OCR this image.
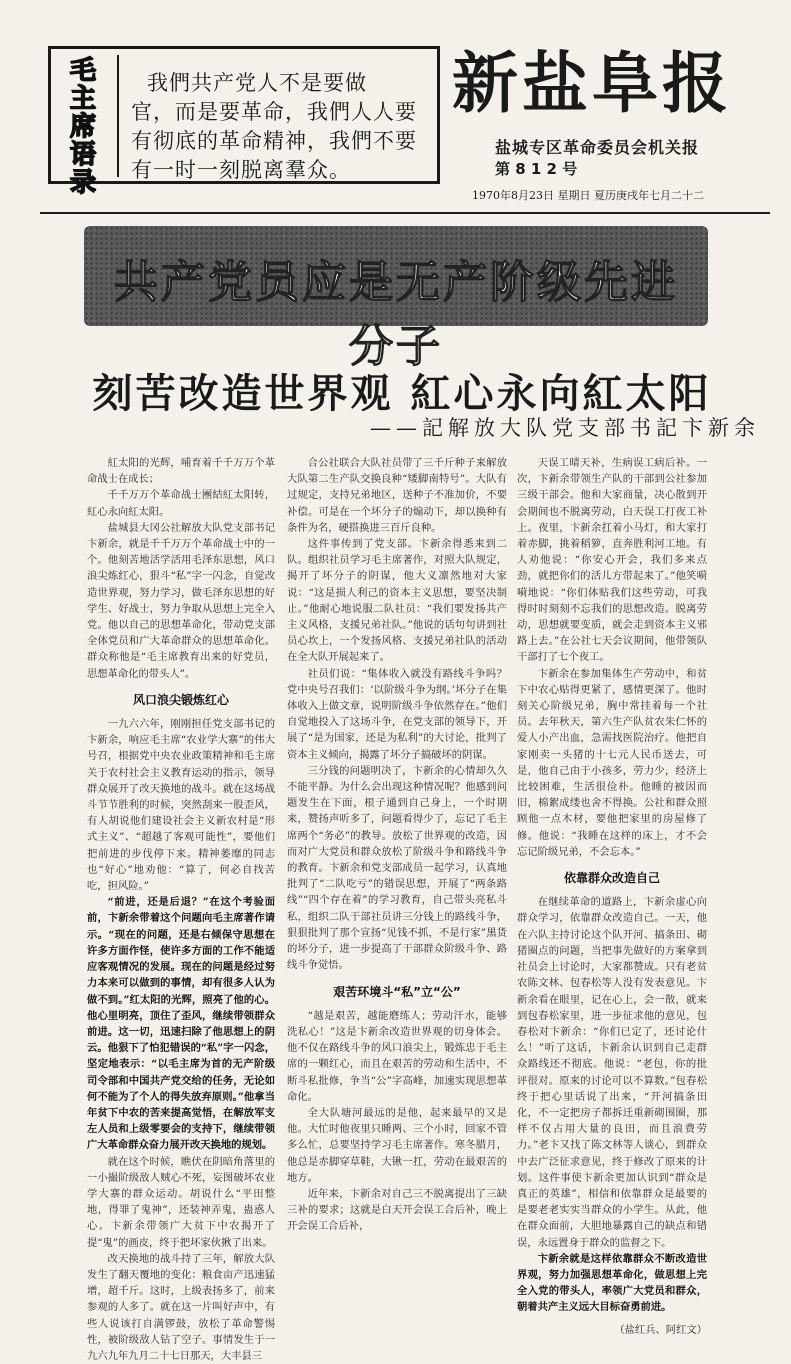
毛
主
席
语
录
我們共产党人不是要做
官，而是要革命，我們人人要
有彻底的革命精神，我們不要
有一时一刻脱离羣众。
新盐阜报
盐城专区革命委员会机关报
第 8 1 2 号
1970年8月23日 星期日 夏历庚戌年七月二十二
共产党员应是无产阶级先进分子
刻苦改造世界观 紅心永向紅太阳
——記解放大队党支部书記卞新余

紅太阳的光辉，哺育着千千万万个革命战士在成长；

千千万万个革命战士團結紅太阳转，紅心永向紅太阳。

盐城县大冈公社解放大队党支部书记卞新余，就是千千万万个革命战士中的一个。他刻苦地活学活用毛泽东思想，风口浪尖炼红心，狠斗“私”字一闪念，自觉改造世界观，努力学习，做毛泽东思想的好学生、好战士，努力争取从思想上完全入党。他以自己的思想革命化，带动党支部全体党员和广大革命群众的思想革命化。群众称他是“毛主席教育出来的好党员，思想革命化的带头人”。

风口浪尖锻炼红心

一九六六年，刚刚担任党支部书记的卞新余，响应毛主席“农业学大寨”的伟大号召，根据党中央农业政策精神和毛主席关于农村社会主义教育运动的指示，领导群众展开了改天换地的战斗。就在这场战斗节节胜利的时候，突然刮来一股歪风，有人胡说他们建设社会主义新农村是“形式主义”、“超越了客观可能性”，要他们把前进的步伐停下来。精神萎靡的同志也“好心”地劝他：“算了，何必自找苦吃，担风险。”

“前进，还是后退？”在这个考验面前，卞新余带着这个问题向毛主席著作请示。“现在的问题，还是右倾保守思想在许多方面作怪，使许多方面的工作不能适应客观情况的发展。现在的问题是经过努力本来可以做到的事情，却有很多人认为做不到。”红太阳的光辉，照亮了他的心。他心里明亮，顶住了歪风，继续带领群众前进。这一切，迅速扫除了他思想上的阴云。他狠下了怕犯错误的“私”字一闪念，坚定地表示：“以毛主席为首的无产阶级司令部和中国共产党交给的任务，无论如何不能为了个人的得失放弃原则。”他拿当年贫下中农的苦来提高觉悟，在解放军支左人员和上级零要会的支持下，继续带领广大革命群众奋力展开改天换地的规划。

就在这个时候，瞧伏在阴暗角落里的一小撮阶级敌人贼心不死，妄图破坏农业学大寨的群众运动。胡说什么“平田整地，得罪了鬼神”，还装神弄鬼，蛊惑人心。卞新余带领广大贫下中农揭开了提“鬼”的画皮，终于把坏家伙揪了出来。

改天换地的战斗持了三年，解放大队发生了翻天覆地的变化：粮食亩产迅速猛增，超千斤。这时，上级表扬多了，前来参观的人多了。就在这一片叫好声中，有些人说该打自满锣鼓，放松了革命警惕性，被阶级敌人钻了空子。事情发生于一九六九年九月二十七日那天，大丰县三

合公社联合大队社员带了三千斤种子来解放大队第二生产队交换良种“矮脚南特号”。大队有过规定，支持兄弟地区，送种子不准加价，不要补偿。可是在一个坏分子的煽动下，却以换种有条件为名，硬搭换进三百斤良种。

这件事传到了党支部。卞新余得悉来到二队。组织社员学习毛主席著作，对照大队规定，揭开了坏分子的阴谋，他大义凛然地对大家说：“这是损人利己的资本主义思想，要坚决制止。”他耐心地说服二队社员：“我们要发扬共产主义风格，支援兄弟社队。”他说的话句句讲到社员心坎上，一个发扬风格、支援兄弟社队的活动在全大队开展起来了。

社员们说：“集体收入就没有路线斗争吗？党中央号召我们：‘以阶级斗争为纲。’坏分子在集体收入上做文章，说明阶级斗争依然存在。”他们自觉地投入了这场斗争，在党支部的领导下，开展了“是为国家，还是为私利”的大讨论，批判了资本主义倾向，揭露了坏分子搞破坏的阴谋。

三分钱的问题明决了，卞新余的心情却久久不能平静。为什么会出现这种情况呢？他感到问题发生在下面，根子通到自己身上，一个时期来，赞扬声听多了，问题看得少了，忘记了毛主席两个“务必”的教导。放松了世界观的改造，因而对广大党员和群众放松了阶级斗争和路线斗争的教育。卞新余和党支部成员一起学习，认真地批判了“二队吃亏”的错误思想，开展了“两条路线”“四个存在着”的学习教育，自己带头亮私斗私，组织二队干部社员讲三分钱上的路线斗争，狠狠批判了那个宣扬“见钱不抓，不是行家”黑货的坏分子，进一步提高了干部群众阶级斗争、路线斗争觉悟。

艰苦环境斗“私”立“公”

“越是艰苦，越能磨练人；劳动汗水，能够洗私心！”这是卞新余改造世界观的切身体会。他不仅在路线斗争的风口浪尖上，锻炼忠于毛主席的一颗红心，而且在艰苦的劳动和生活中，不断斗私批修，争当“公”字高峰，加速实现思想革命化。

全大队塘河最远的是他，起来最早的又是他。大忙时他夜里只睡两、三个小时，回家不管多么忙，总要坚持学习毛主席著作。寒冬腊月，他总是赤脚穿草鞋，大锹一扛，劳动在最艰苦的地方。

近年来，卞新余对自己三不脱离提出了三缺三补的要求；这就是白天开会误工合后补，晚上开会误工合后补，

天误工晴天补，生病误工病后补。一次，卞新余带领生产队的干部到公社参加三级干部会。他和大家商量，决心散到开会期间也不脱离劳动，白天误工打夜工补上。夜里，卞新余扛着小马灯，和大家打着赤脚，挑着稻箩，直奔胜利河工地。有人劝他说：“你安心开会，我们多来点劲，就把你们的活儿方带起来了。”他笑嗬嗬地说：“你们体贴我们这些劳动，可我得时时刻刻不忘我们的思想改造。脱离劳动，思想就要变质，就会走到资本主义邪路上去。”在公社七天会议期间，他带领队干部打了七个夜工。

卞新余在参加集体生产劳动中，和贫下中农心贴得更紧了，感情更深了。他时刻关心阶级兄弟，胸中常挂着每一个社员。去年秋天，第六生产队贫农朱仁怀的爱人小产出血，急需找医院治疗。他把自家刚卖一头猪的十七元人民币送去，可是，他自己由于小孩多，劳力少，经济上比较困难，生活很俭朴。他睡的被因而旧，棉絮成缕也舍不得换。公社和群众照顾他一点木材，要他把家里的房屋修了修。他说：“我睡在这样的床上，才不会忘记阶级兄弟，不会忘本。”

依靠群众改造自己

在继续革命的道路上，卞新余虚心向群众学习，依靠群众改造自己。一天，他在六队主持讨论这个队开河、搞条田、砌猪圈点的问题，当把事先做好的方案拿到社员会上讨论时，大家都赞成。只有老贫农陈文林、包春松等人没有发表意见。卞新余看在眼里，记在心上，会一散，就来到包春松家里，进一步征求他的意见，包春松对卞新余：“你们已定了，还讨论什么！”听了这话，卞新余认识到自己走群众路线还不彻底。他说：“老包，你的批评很对。原来的讨论可以不算数。”包春松终于把心里话说了出来，“开河搞条田化，不一定把房子都拆迁重新砌围圈，那样不仅占用大量的良田，而且浪费劳力。”老卞又找了陈文林等人谈心，到群众中去广泛征求意见，终于修改了原来的计划。这件事使卞新余更加认识到“群众是真正的英雄”，相信和依靠群众是最要的是要老老实实当群众的小学生。从此，他在群众面前，大胆地暴露自己的缺点和错误，永远置身于群众的监督之下。

卞新余就是这样依靠群众不断改造世界观，努力加强思想革命化，做思想上完全入党的带头人，率领广大党员和群众，朝着共产主义远大目标奋勇前进。

（盐红兵、阿红文）
